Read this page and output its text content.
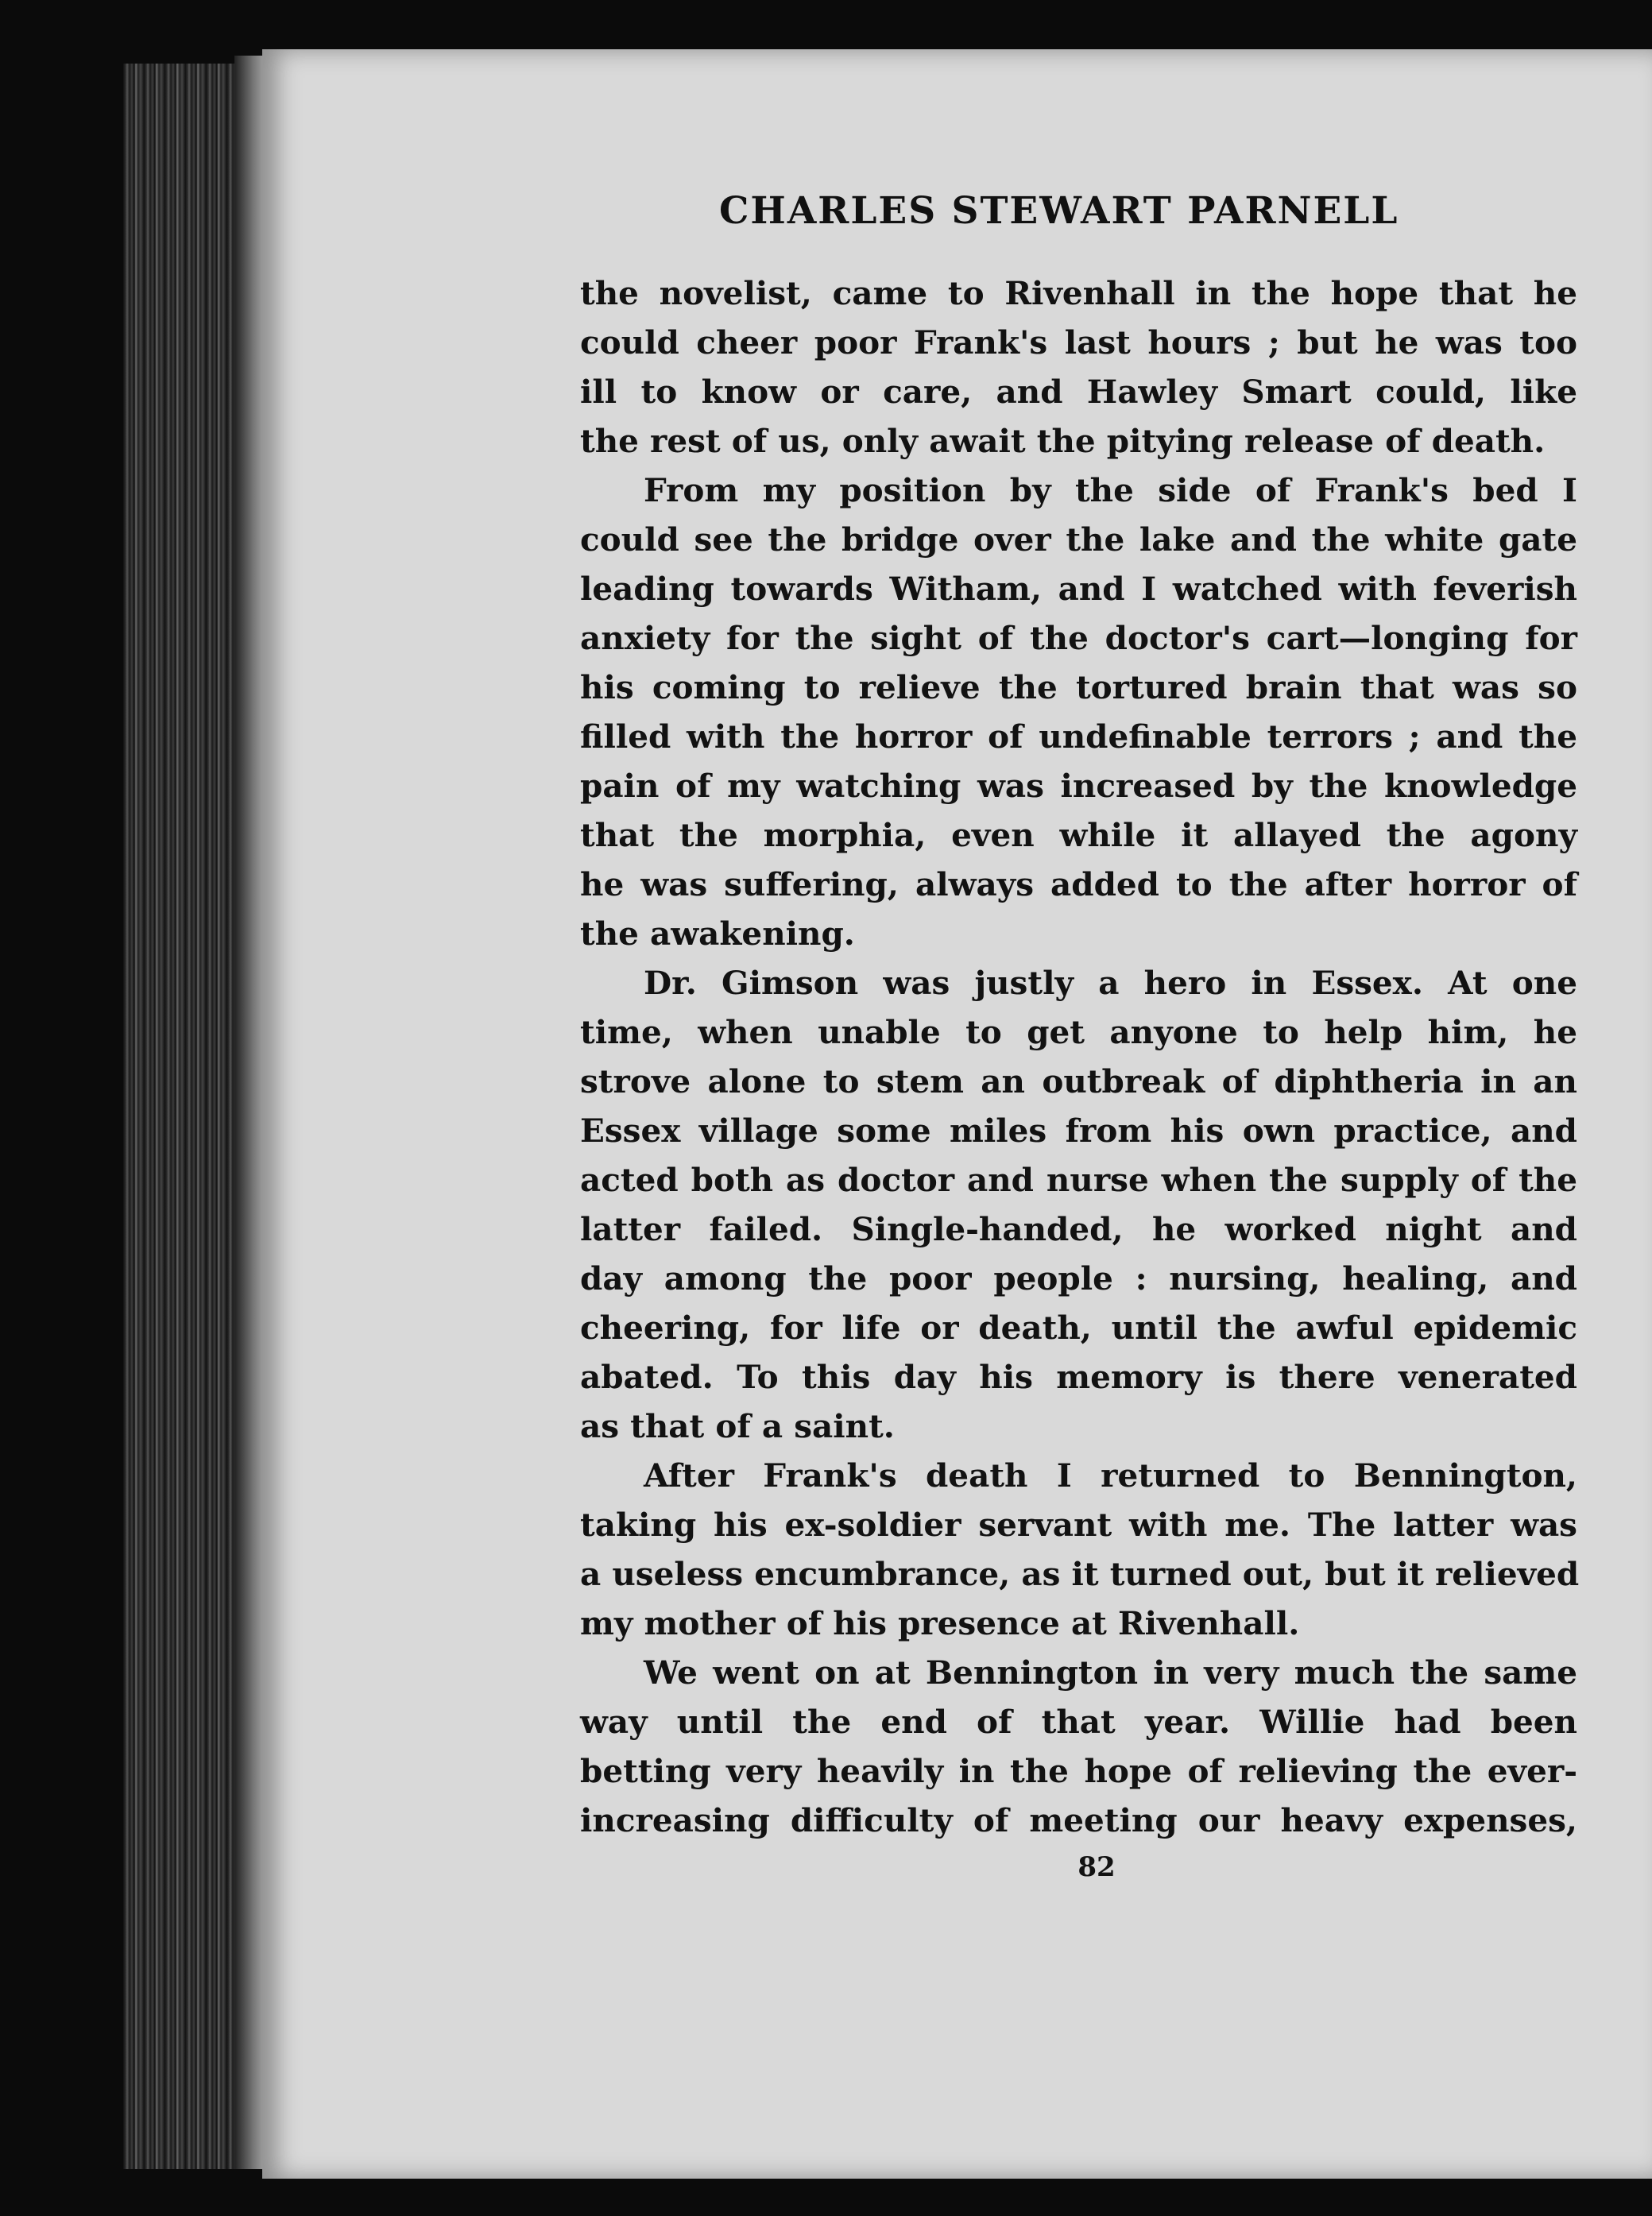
CHARLES STEWART PARNELL
the novelist, came to Rivenhall in the hope that he
could cheer poor Frank's last hours ; but he was too
ill to know or care, and Hawley Smart could, like
the rest of us, only await the pitying release of death.
From my position by the side of Frank's bed I
could see the bridge over the lake and the white gate
leading towards Witham, and I watched with feverish
anxiety for the sight of the doctor's cart—longing for
his coming to relieve the tortured brain that was so
filled with the horror of undefinable terrors ; and the
pain of my watching was increased by the knowledge
that the morphia, even while it allayed the agony
he was suffering, always added to the after horror of
the awakening.
Dr. Gimson was justly a hero in Essex. At one
time, when unable to get anyone to help him, he
strove alone to stem an outbreak of diphtheria in an
Essex village some miles from his own practice, and
acted both as doctor and nurse when the supply of the
latter failed. Single-handed, he worked night and
day among the poor people : nursing, healing, and
cheering, for life or death, until the awful epidemic
abated. To this day his memory is there venerated
as that of a saint.
After Frank's death I returned to Bennington,
taking his ex-soldier servant with me. The latter was
a useless encumbrance, as it turned out, but it relieved
my mother of his presence at Rivenhall.
We went on at Bennington in very much the same
way until the end of that year. Willie had been
betting very heavily in the hope of relieving the ever-
increasing difficulty of meeting our heavy expenses,
82
